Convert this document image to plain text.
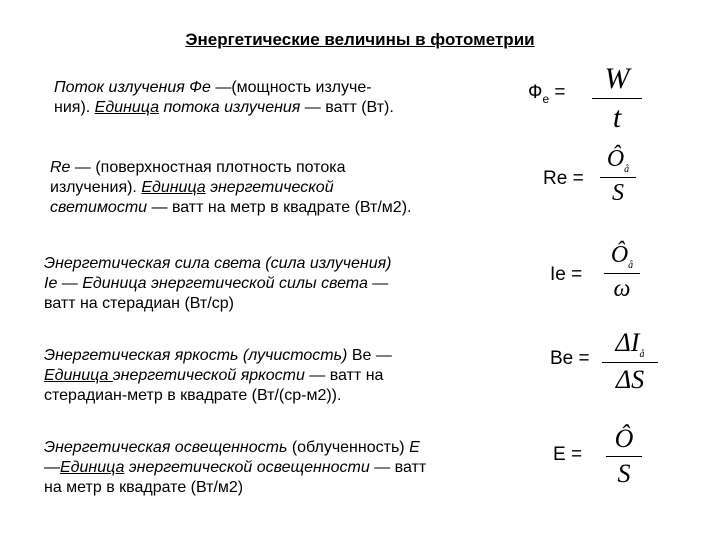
Энергетические величины в фотометрии
Поток излучения Фе —(мощность излуче-
ния). Единица потока излучения — ватт (Вт).
$Ф_е$ =	W
t
Re — (поверхностная плотность потока
излучения). Единица энергетической
светимости — ватт на метр в квадрате (Вт/м2).
Re =
$Ô_å$
S
Энергетическая сила света (сила излучения)
Ie — Единица энергетической силы света —
ватт на стерадиан (Вт/ср)
Ie =
$Ô_å$
ω
Энергетическая яркость (лучистость) Be —
Единица энергетической яркости — ватт на
стерадиан-метр в квадрате (Вт/(ср-м2)).
Be =
$\Delta I_å$
ΔS
Энергетическая освещенность (облученность) E
—Единица энергетической освещенности — ватт
на метр в квадрате (Вт/м2)
E =
Ô
S
